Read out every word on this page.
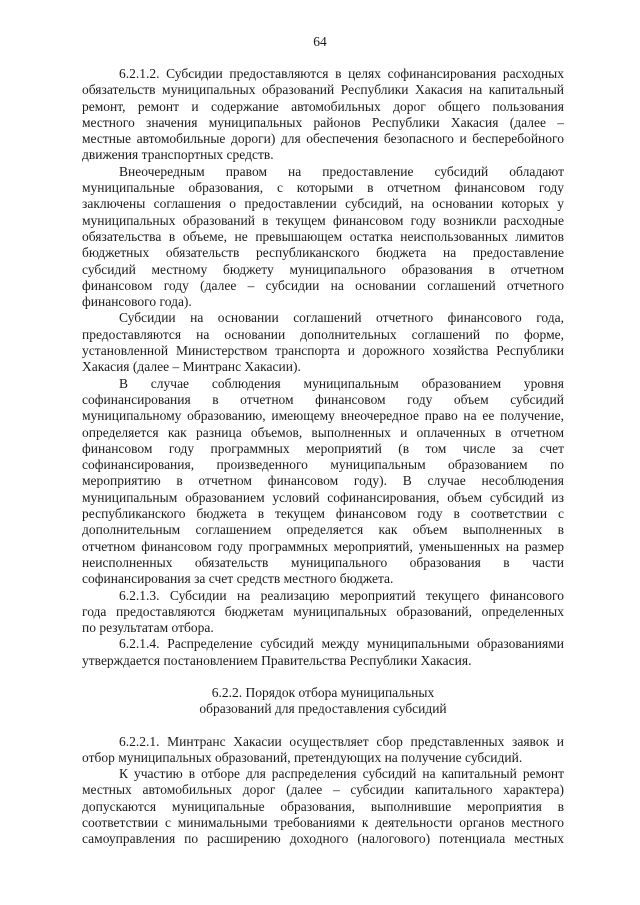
64
6.2.1.2. Субсидии предоставляются в целях софинансирования расходных
обязательств муниципальных образований Республики Хакасия на капитальный
ремонт, ремонт и содержание автомобильных дорог общего пользования
местного значения муниципальных районов Республики Хакасия (далее –
местные автомобильные дороги) для обеспечения безопасного и бесперебойного
движения транспортных средств.
Внеочередным правом на предоставление субсидий обладают
муниципальные образования, с которыми в отчетном финансовом году
заключены соглашения о предоставлении субсидий, на основании которых у
муниципальных образований в текущем финансовом году возникли расходные
обязательства в объеме, не превышающем остатка неиспользованных лимитов
бюджетных обязательств республиканского бюджета на предоставление
субсидий местному бюджету муниципального образования в отчетном
финансовом году (далее – субсидии на основании соглашений отчетного
финансового года).
Субсидии на основании соглашений отчетного финансового года,
предоставляются на основании дополнительных соглашений по форме,
установленной Министерством транспорта и дорожного хозяйства Республики
Хакасия (далее – Минтранс Хакасии).
В случае соблюдения муниципальным образованием уровня
софинансирования в отчетном финансовом году объем субсидий
муниципальному образованию, имеющему внеочередное право на ее получение,
определяется как разница объемов, выполненных и оплаченных в отчетном
финансовом году программных мероприятий (в том числе за счет
софинансирования, произведенного муниципальным образованием по
мероприятию в отчетном финансовом году). В случае несоблюдения
муниципальным образованием условий софинансирования, объем субсидий из
республиканского бюджета в текущем финансовом году в соответствии с
дополнительным соглашением определяется как объем выполненных в
отчетном финансовом году программных мероприятий, уменьшенных на размер
неисполненных обязательств муниципального образования в части
софинансирования за счет средств местного бюджета.
6.2.1.3. Субсидии на реализацию мероприятий текущего финансового
года предоставляются бюджетам муниципальных образований, определенных
по результатам отбора.
6.2.1.4. Распределение субсидий между муниципальными образованиями
утверждается постановлением Правительства Республики Хакасия.
6.2.2. Порядок отбора муниципальных
образований для предоставления субсидий
6.2.2.1. Минтранс Хакасии осуществляет сбор представленных заявок и
отбор муниципальных образований, претендующих на получение субсидий.
К участию в отборе для распределения субсидий на капитальный ремонт
местных автомобильных дорог (далее – субсидии капитального характера)
допускаются муниципальные образования, выполнившие мероприятия в
соответствии с минимальными требованиями к деятельности органов местного
самоуправления по расширению доходного (налогового) потенциала местных
